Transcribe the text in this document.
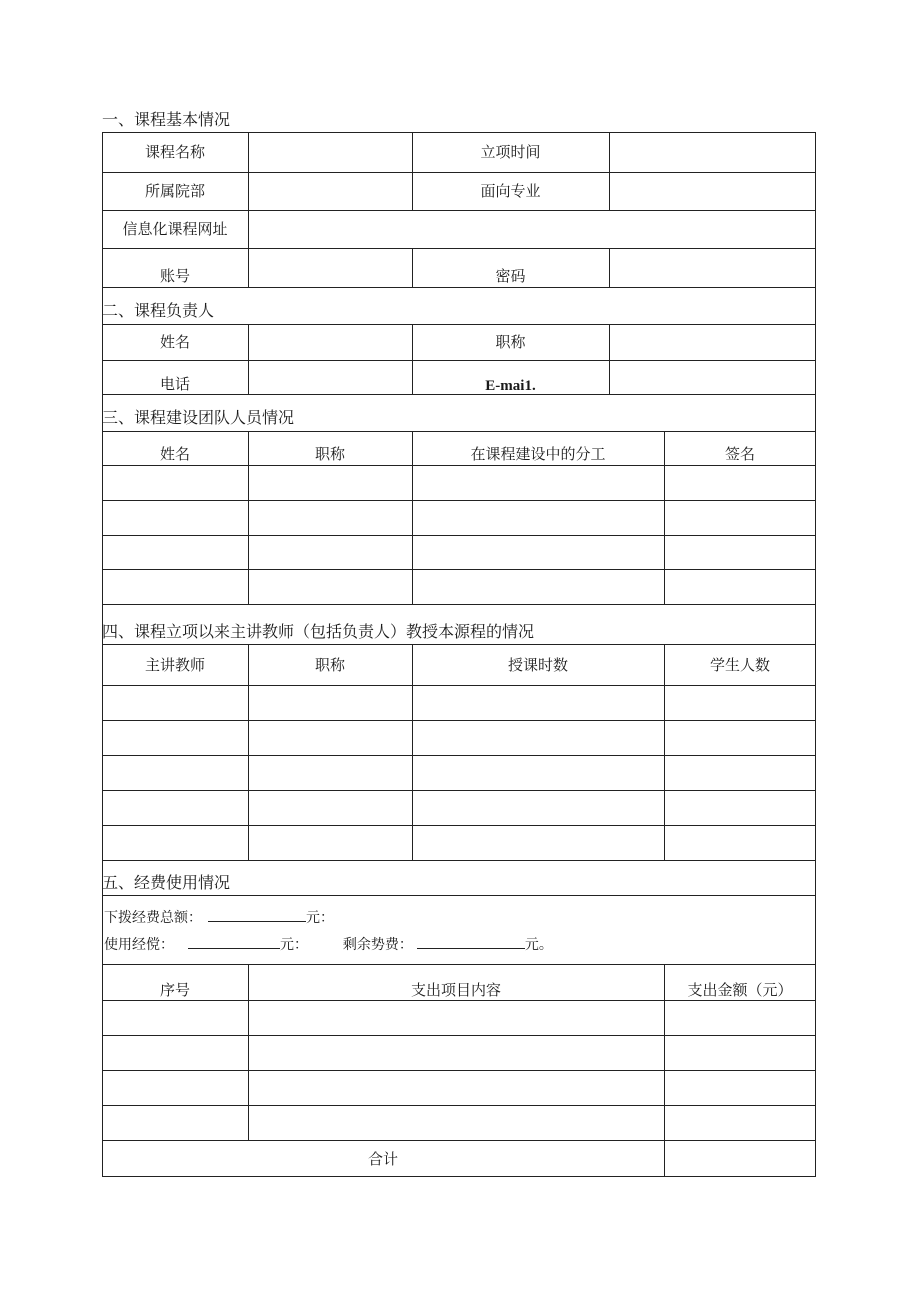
一、课程基本情况
二、课程负责人
三、课程建设团队人员情况
四、课程立项以来主讲教师（包括负责人）教授本源程的情况
五、经费使用情况
课程名称	立项时间
所属院部	面向专业
信息化课程网址
账号	密码
姓名	职称
电话	E-mai1.
姓名	职称	在课程建设中的分工	签名
主讲教师	职称	授课时数	学生人数
下拨经费总额：	元：
使用经傥：	元： 剩余势费：	元。
序号	支出项目内容	支出金额（元）
合计
